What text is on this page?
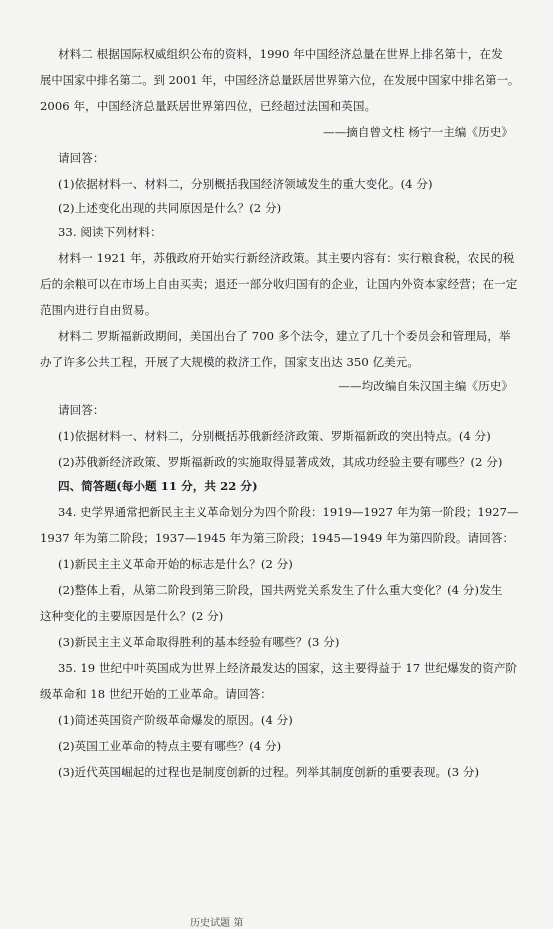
材料二 根据国际权威组织公布的资料，1990 年中国经济总量在世界上排名第十，在发
展中国家中排名第二。到 2001 年，中国经济总量跃居世界第六位，在发展中国家中排名第一。
2006 年，中国经济总量跃居世界第四位，已经超过法国和英国。
——摘自曾文柱 杨宁一主编《历史》
请回答：
(1)依据材料一、材料二，分别概括我国经济领域发生的重大变化。(4 分)
(2)上述变化出现的共同原因是什么？(2 分)
33. 阅读下列材料：
材料一 1921 年，苏俄政府开始实行新经济政策。其主要内容有：实行粮食税，农民的税
后的余粮可以在市场上自由买卖；退还一部分收归国有的企业，让国内外资本家经营；在一定
范围内进行自由贸易。
材料二 罗斯福新政期间，美国出台了 700 多个法令，建立了几十个委员会和管理局，举
办了许多公共工程，开展了大规模的救济工作，国家支出达 350 亿美元。
——均改编自朱汉国主编《历史》
请回答：
(1)依据材料一、材料二，分别概括苏俄新经济政策、罗斯福新政的突出特点。(4 分)
(2)苏俄新经济政策、罗斯福新政的实施取得显著成效，其成功经验主要有哪些？(2 分)
四、简答题(每小题 11 分，共 22 分)
34. 史学界通常把新民主主义革命划分为四个阶段：1919—1927 年为第一阶段；1927—
1937 年为第二阶段；1937—1945 年为第三阶段；1945—1949 年为第四阶段。请回答：
(1)新民主主义革命开始的标志是什么？(2 分)
(2)整体上看，从第二阶段到第三阶段，国共两党关系发生了什么重大变化？(4 分)发生
这种变化的主要原因是什么？(2 分)
(3)新民主主义革命取得胜利的基本经验有哪些？(3 分)
35. 19 世纪中叶英国成为世界上经济最发达的国家，这主要得益于 17 世纪爆发的资产阶
级革命和 18 世纪开始的工业革命。请回答：
(1)简述英国资产阶级革命爆发的原因。(4 分)
(2)英国工业革命的特点主要有哪些？(4 分)
(3)近代英国崛起的过程也是制度创新的过程。列举其制度创新的重要表现。(3 分)
历史试题 第
